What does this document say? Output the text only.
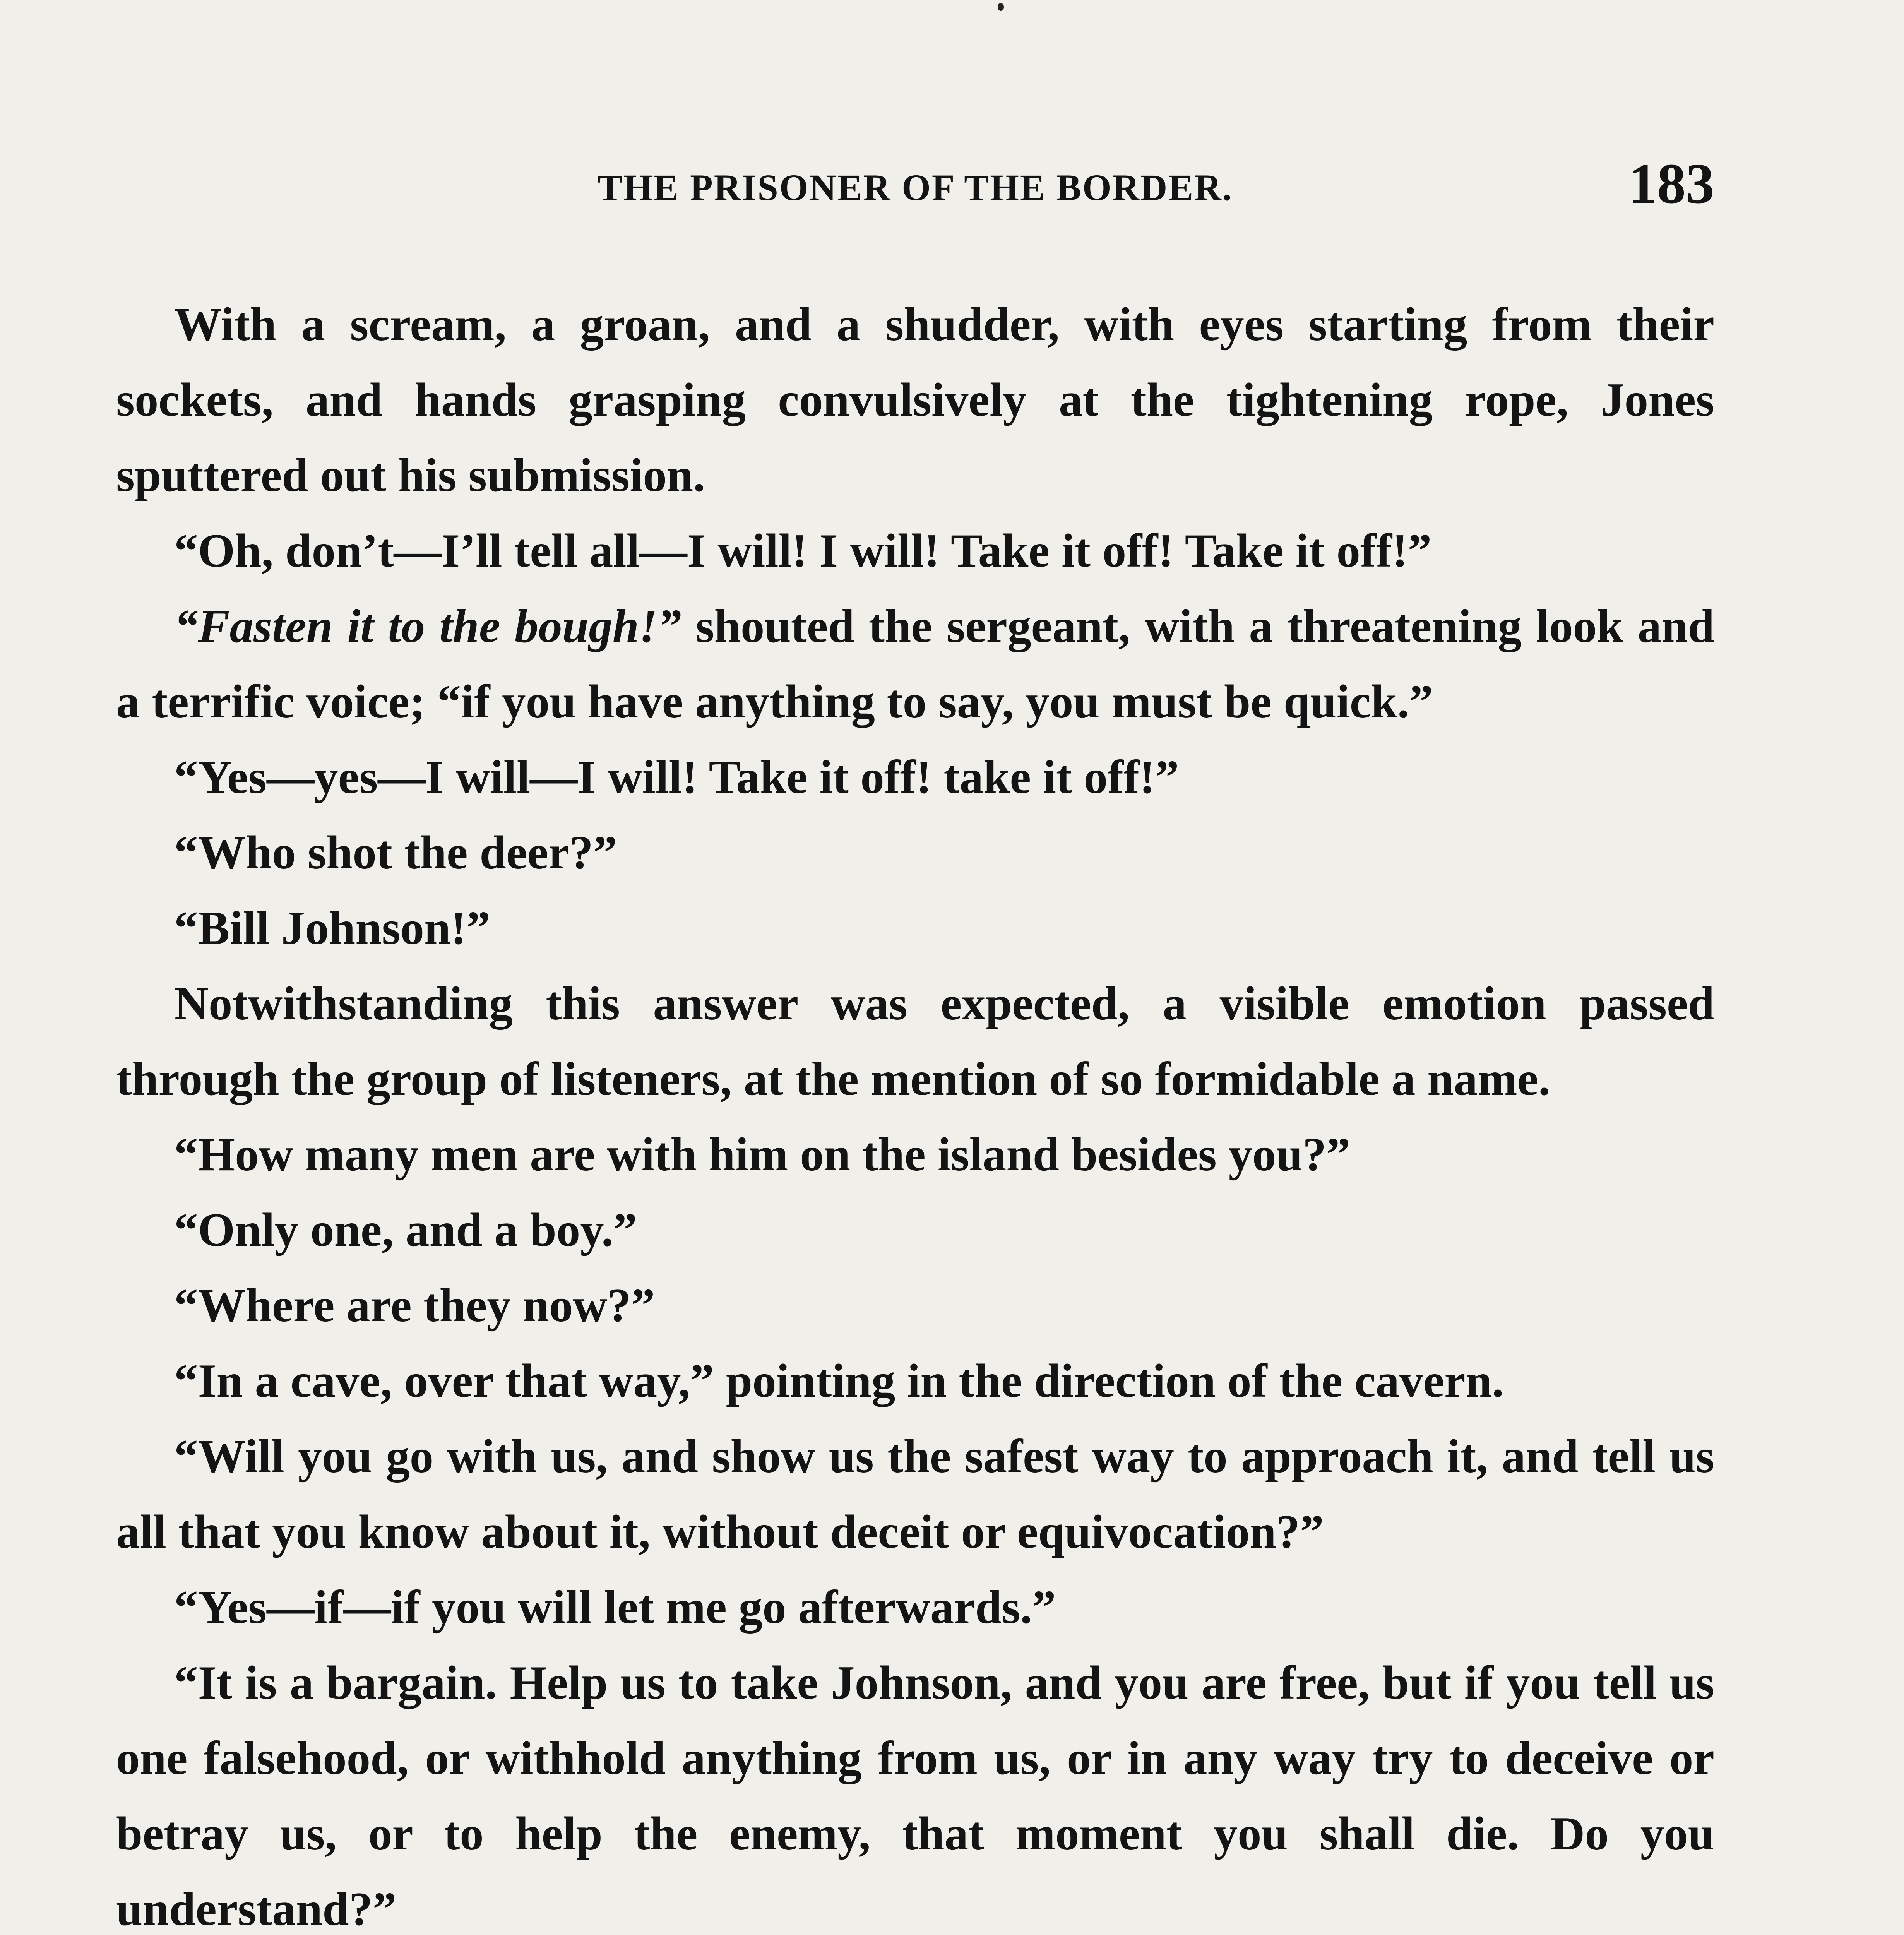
THE PRISONER OF THE BORDER.	183

With a scream, a groan, and a shudder, with eyes starting from their sockets, and hands grasping convulsively at the tightening rope, Jones sputtered out his submission.

“Oh, don’t—I’ll tell all—I will! I will! Take it off! Take it off!”

“Fasten it to the bough!” shouted the sergeant, with a threatening look and a terrific voice; “if you have anything to say, you must be quick.”

“Yes—yes—I will—I will! Take it off! take it off!”

“Who shot the deer?”

“Bill Johnson!”

Notwithstanding this answer was expected, a visible emotion passed through the group of listeners, at the mention of so formidable a name.

“How many men are with him on the island besides you?”

“Only one, and a boy.”

“Where are they now?”

“In a cave, over that way,” pointing in the direction of the cavern.

“Will you go with us, and show us the safest way to approach it, and tell us all that you know about it, without deceit or equivocation?”

“Yes—if—if you will let me go afterwards.”

“It is a bargain. Help us to take Johnson, and you are free, but if you tell us one falsehood, or withhold anything from us, or in any way try to deceive or betray us, or to help the enemy, that moment you shall die. Do you understand?”
